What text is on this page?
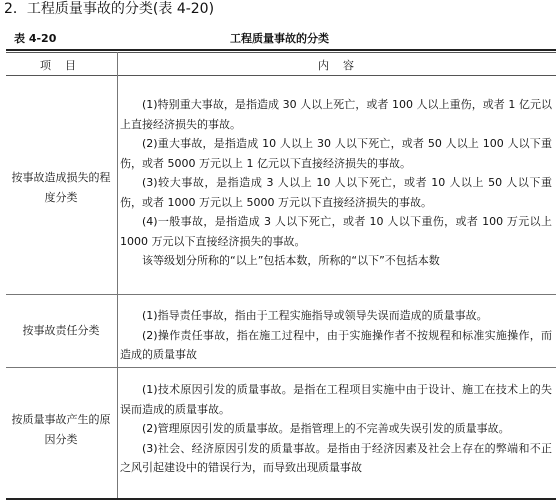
2．工程质量事故的分类(表 4-20)
表 4-20	工程质量事故的分类
项目	内容
按事故造成损失的程度分类

(1)特别重大事故，是指造成 30 人以上死亡，或者 100 人以上重伤，或者 1 亿元以上直接经济损失的事故。

(2)重大事故，是指造成 10 人以上 30 人以下死亡，或者 50 人以上 100 人以下重伤，或者 5000 万元以上 1 亿元以下直接经济损失的事故。

(3)较大事故，是指造成 3 人以上 10 人以下死亡，或者 10 人以上 50 人以下重伤，或者 1000 万元以上 5000 万元以下直接经济损失的事故。

(4)一般事故，是指造成 3 人以下死亡，或者 10 人以下重伤，或者 100 万元以上 1000 万元以下直接经济损失的事故。

该等级划分所称的“以上”包括本数，所称的“以下”不包括本数

按事故责任分类

(1)指导责任事故，指由于工程实施指导或领导失误而造成的质量事故。

(2)操作责任事故，指在施工过程中，由于实施操作者不按规程和标准实施操作，而造成的质量事故

按质量事故产生的原因分类

(1)技术原因引发的质量事故。是指在工程项目实施中由于设计、施工在技术上的失误而造成的质量事故。

(2)管理原因引发的质量事故。是指管理上的不完善或失误引发的质量事故。

(3)社会、经济原因引发的质量事故。是指由于经济因素及社会上存在的弊端和不正之风引起建设中的错误行为，而导致出现质量事故
